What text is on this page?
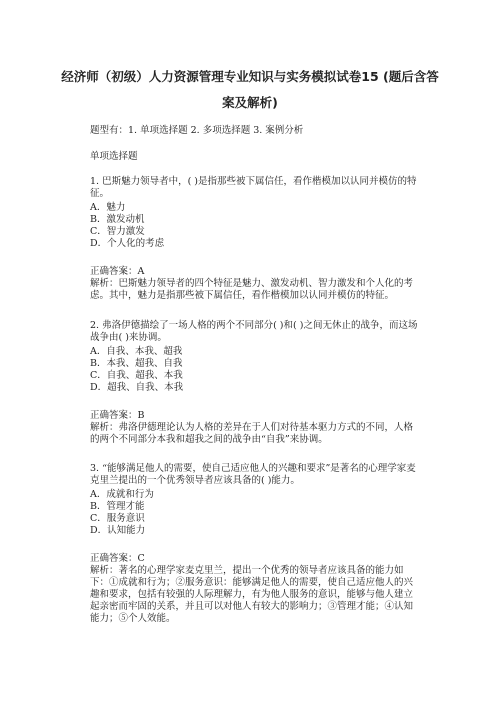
经济师（初级）人力资源管理专业知识与实务模拟试卷15 (题后含答案及解析)
题型有：1. 单项选择题 2. 多项选择题 3. 案例分析
单项选择题
1. 巴斯魅力领导者中，( )是指那些被下属信任，看作楷模加以认同并模仿的特征。
A．魅力
B．激发动机
C．智力激发
D．个人化的考虑
正确答案：A
解析：巴斯魅力领导者的四个特征是魅力、激发动机、智力激发和个人化的考虑。其中，魅力是指那些被下属信任，看作楷模加以认同并模仿的特征。
2. 弗洛伊德描绘了一场人格的两个不同部分( )和( )之间无休止的战争，而这场战争由( )来协调。
A．自我、本我、超我
B．本我、超我、自我
C．自我、超我、本我
D．超我、自我、本我
正确答案：B
解析：弗洛伊德理论认为人格的差异在于人们对待基本驱力方式的不同，人格的两个不同部分本我和超我之间的战争由“自我”来协调。
3. “能够满足他人的需要，使自己适应他人的兴趣和要求”是著名的心理学家麦克里兰提出的一个优秀领导者应该具备的( )能力。
A．成就和行为
B．管理才能
C．服务意识
D．认知能力
正确答案：C
解析：著名的心理学家麦克里兰，提出一个优秀的领导者应该具备的能力如下：①成就和行为；②服务意识：能够满足他人的需要，使自己适应他人的兴趣和要求，包括有较强的人际理解力，有为他人服务的意识，能够与他人建立起亲密而牢固的关系，并且可以对他人有较大的影响力；③管理才能；④认知能力；⑤个人效能。
